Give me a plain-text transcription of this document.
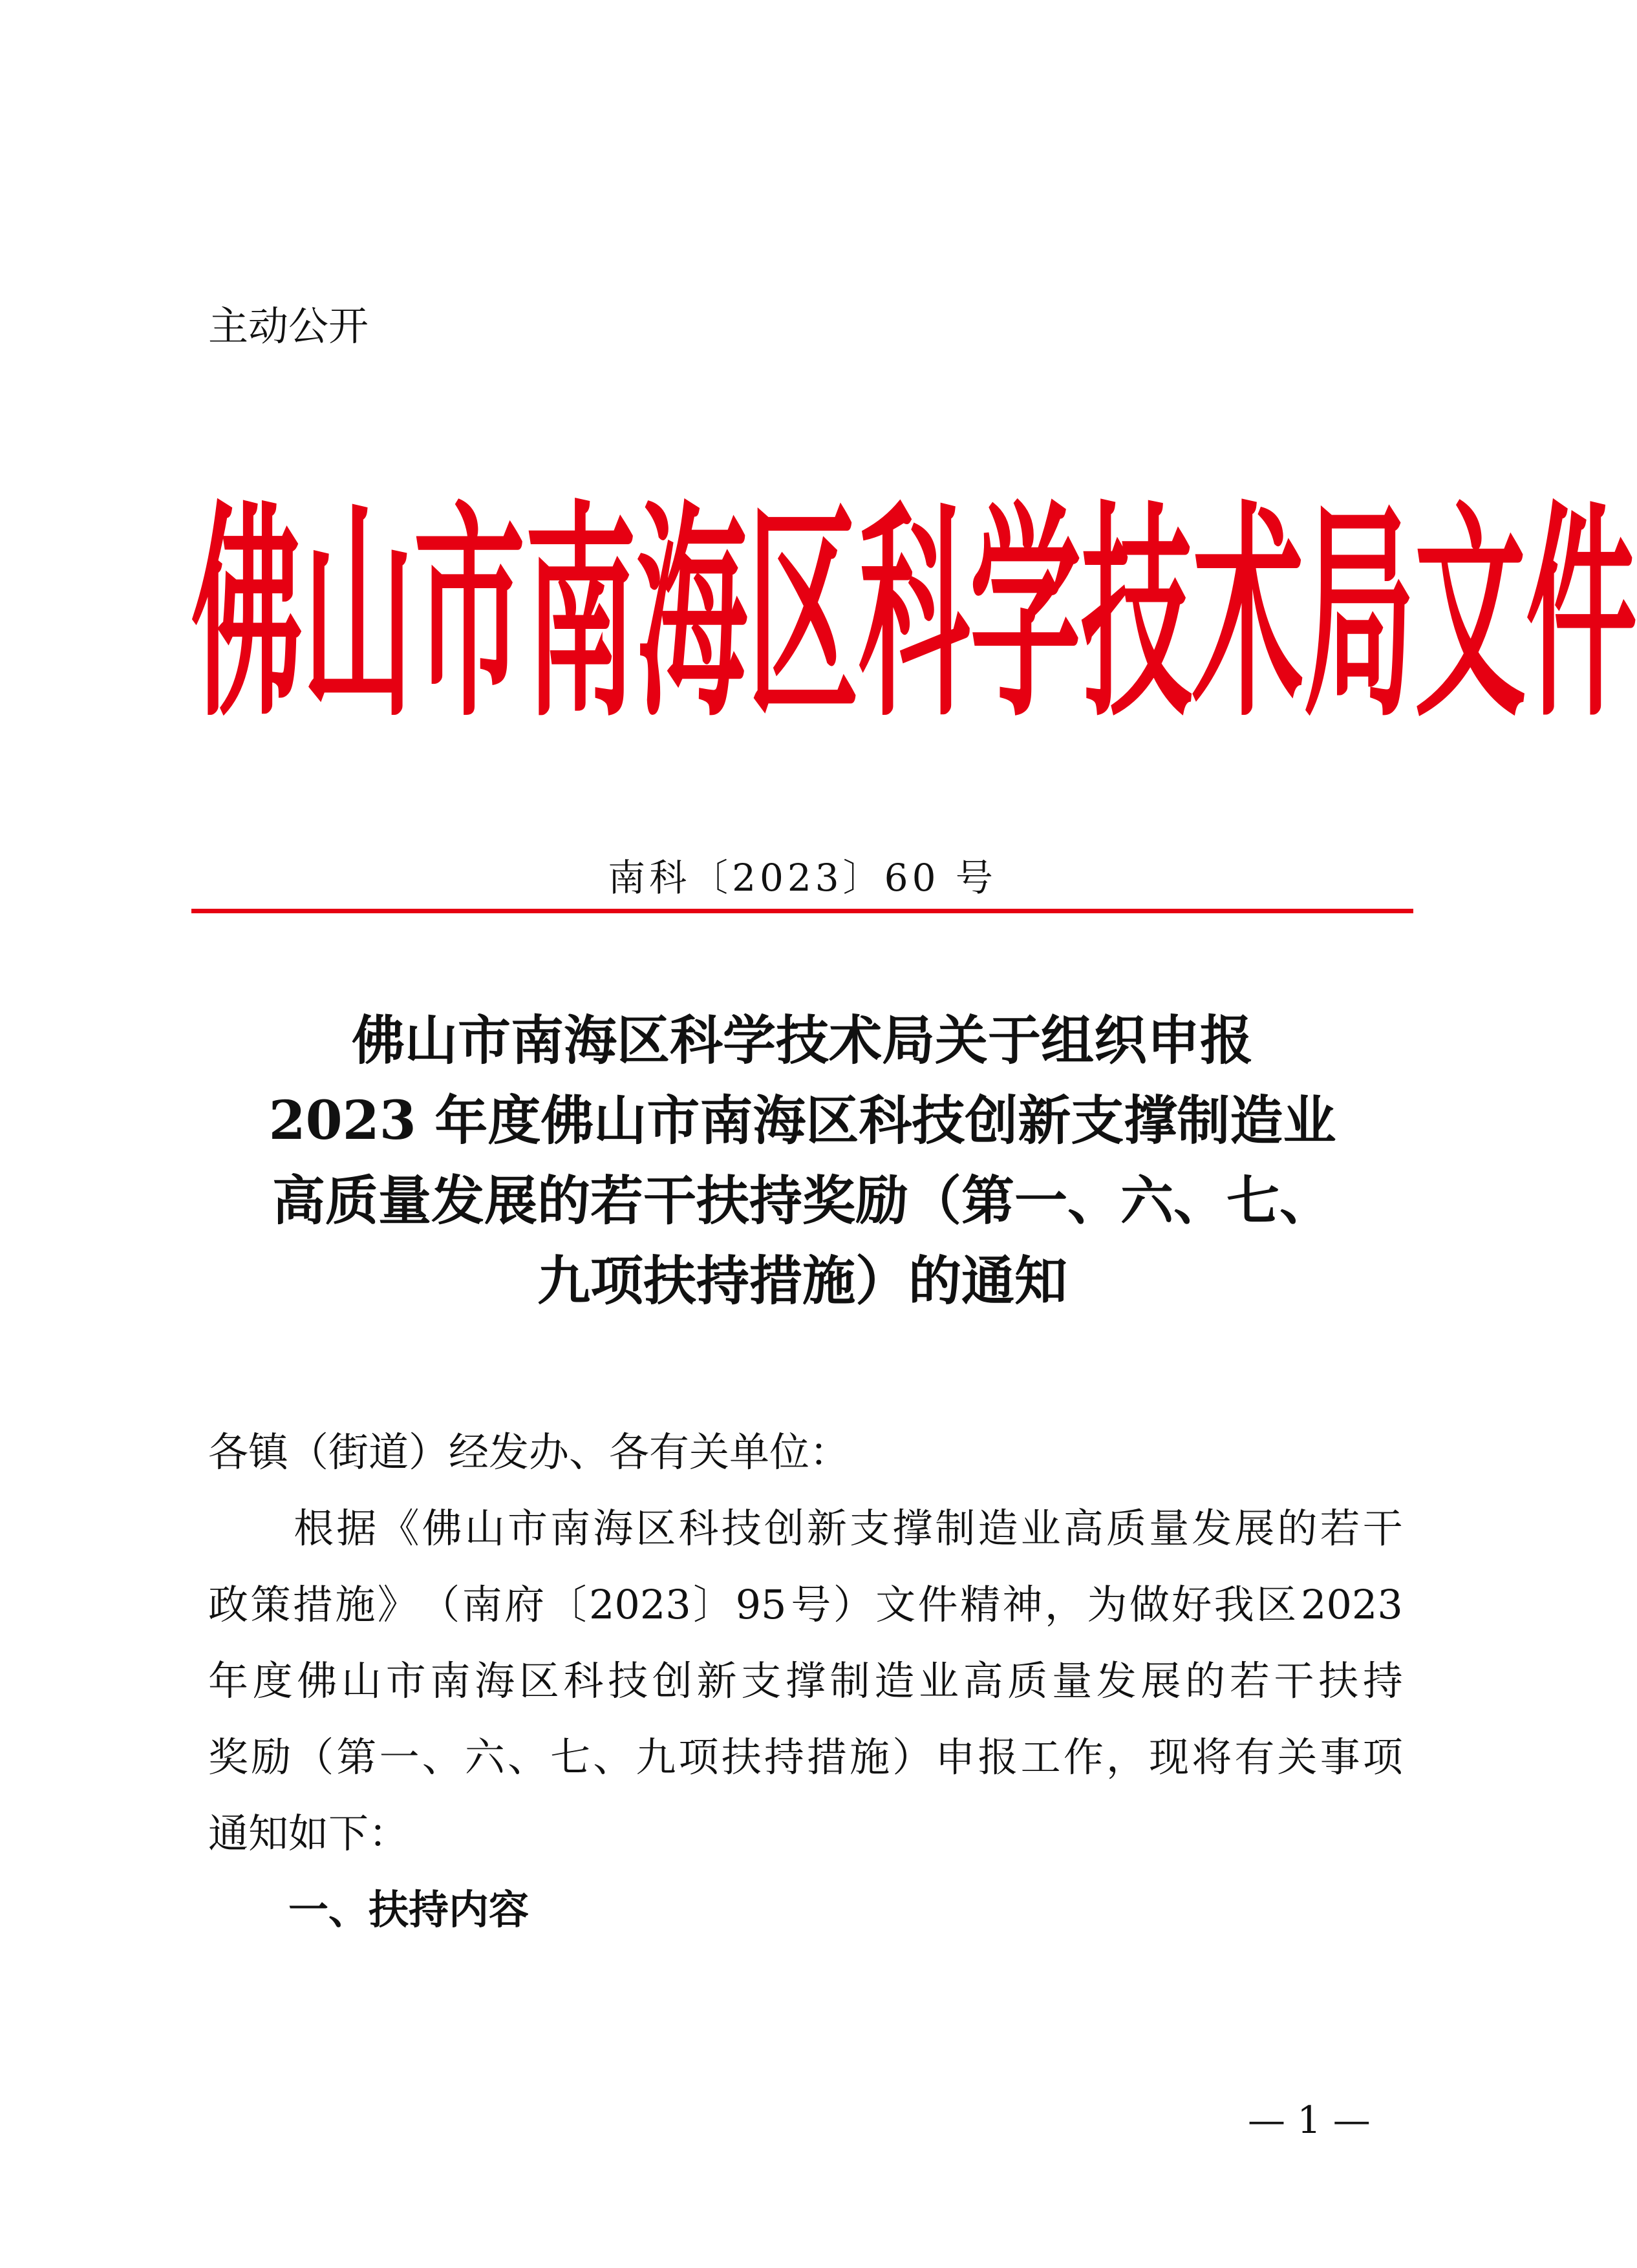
主动公开
佛 山 市 南 海 区 科 学 技 术 局 文 件
南科〔2023〕60 号
佛山市南海区科学技术局关于组织申报
2023 年度佛山市南海区科技创新支撑制造业
高质量发展的若干扶持奖励（第一、六、七、
九项扶持措施）的通知
各镇（街道）经发办、各有关单位：

根 据 《 佛 山 市 南 海 区 科 技 创 新 支 撑 制 造 业 高 质 量 发 展 的 若 干
政 策 措 施 》 （ 南 府 〔 2023 〕 95 号 ） 文 件 精 神 ， 为 做 好 我 区 2023
年 度 佛 山 市 南 海 区 科 技 创 新 支 撑 制 造 业 高 质 量 发 展 的 若 干 扶 持
奖 励 （ 第 一 、 六 、 七 、 九 项 扶 持 措 施 ） 申 报 工 作 ， 现 将 有 关 事 项
通知如下：
一、扶持内容
— 1 —
